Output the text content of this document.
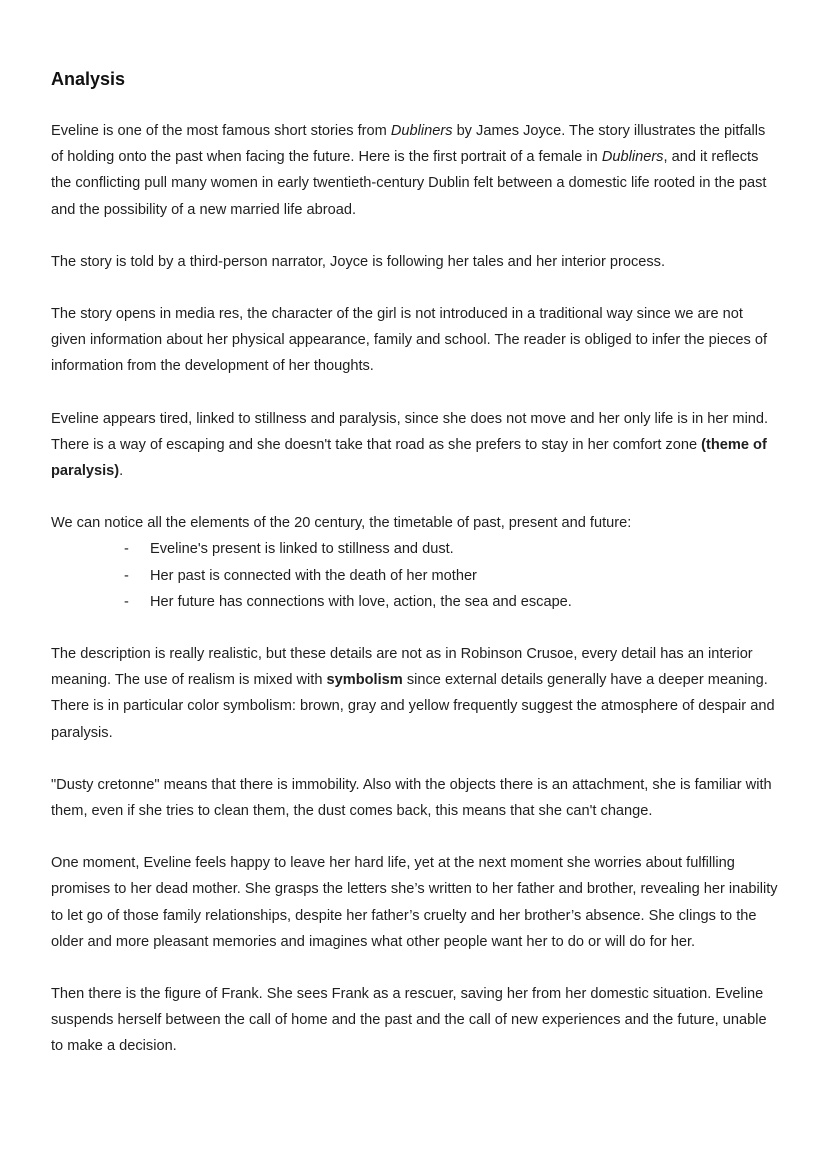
Analysis

Eveline is one of the most famous short stories from Dubliners by James Joyce. The story illustrates the pitfalls of holding onto the past when facing the future. Here is the first portrait of a female in Dubliners, and it reflects the conflicting pull many women in early twentieth-century Dublin felt between a domestic life rooted in the past and the possibility of a new married life abroad.

The story is told by a third-person narrator, Joyce is following her tales and her interior process.

The story opens in media res, the character of the girl is not introduced in a traditional way since we are not given information about her physical appearance, family and school. The reader is obliged to infer the pieces of information from the development of her thoughts.

Eveline appears tired, linked to stillness and paralysis, since she does not move and her only life is in her mind. There is a way of escaping and she doesn't take that road as she prefers to stay in her comfort zone (theme of paralysis).

We can notice all the elements of the 20 century, the timetable of past, present and future:

- Eveline's present is linked to stillness and dust.
- Her past is connected with the death of her mother
- Her future has connections with love, action, the sea and escape.

The description is really realistic, but these details are not as in Robinson Crusoe, every detail has an interior meaning. The use of realism is mixed with symbolism since external details generally have a deeper meaning. There is in particular color symbolism: brown, gray and yellow frequently suggest the atmosphere of despair and paralysis.

"Dusty cretonne" means that there is immobility. Also with the objects there is an attachment, she is familiar with them, even if she tries to clean them, the dust comes back, this means that she can't change.

One moment, Eveline feels happy to leave her hard life, yet at the next moment she worries about fulfilling promises to her dead mother. She grasps the letters she’s written to her father and brother, revealing her inability to let go of those family relationships, despite her father’s cruelty and her brother’s absence. She clings to the older and more pleasant memories and imagines what other people want her to do or will do for her.

Then there is the figure of Frank. She sees Frank as a rescuer, saving her from her domestic situation. Eveline suspends herself between the call of home and the past and the call of new experiences and the future, unable to make a decision.
